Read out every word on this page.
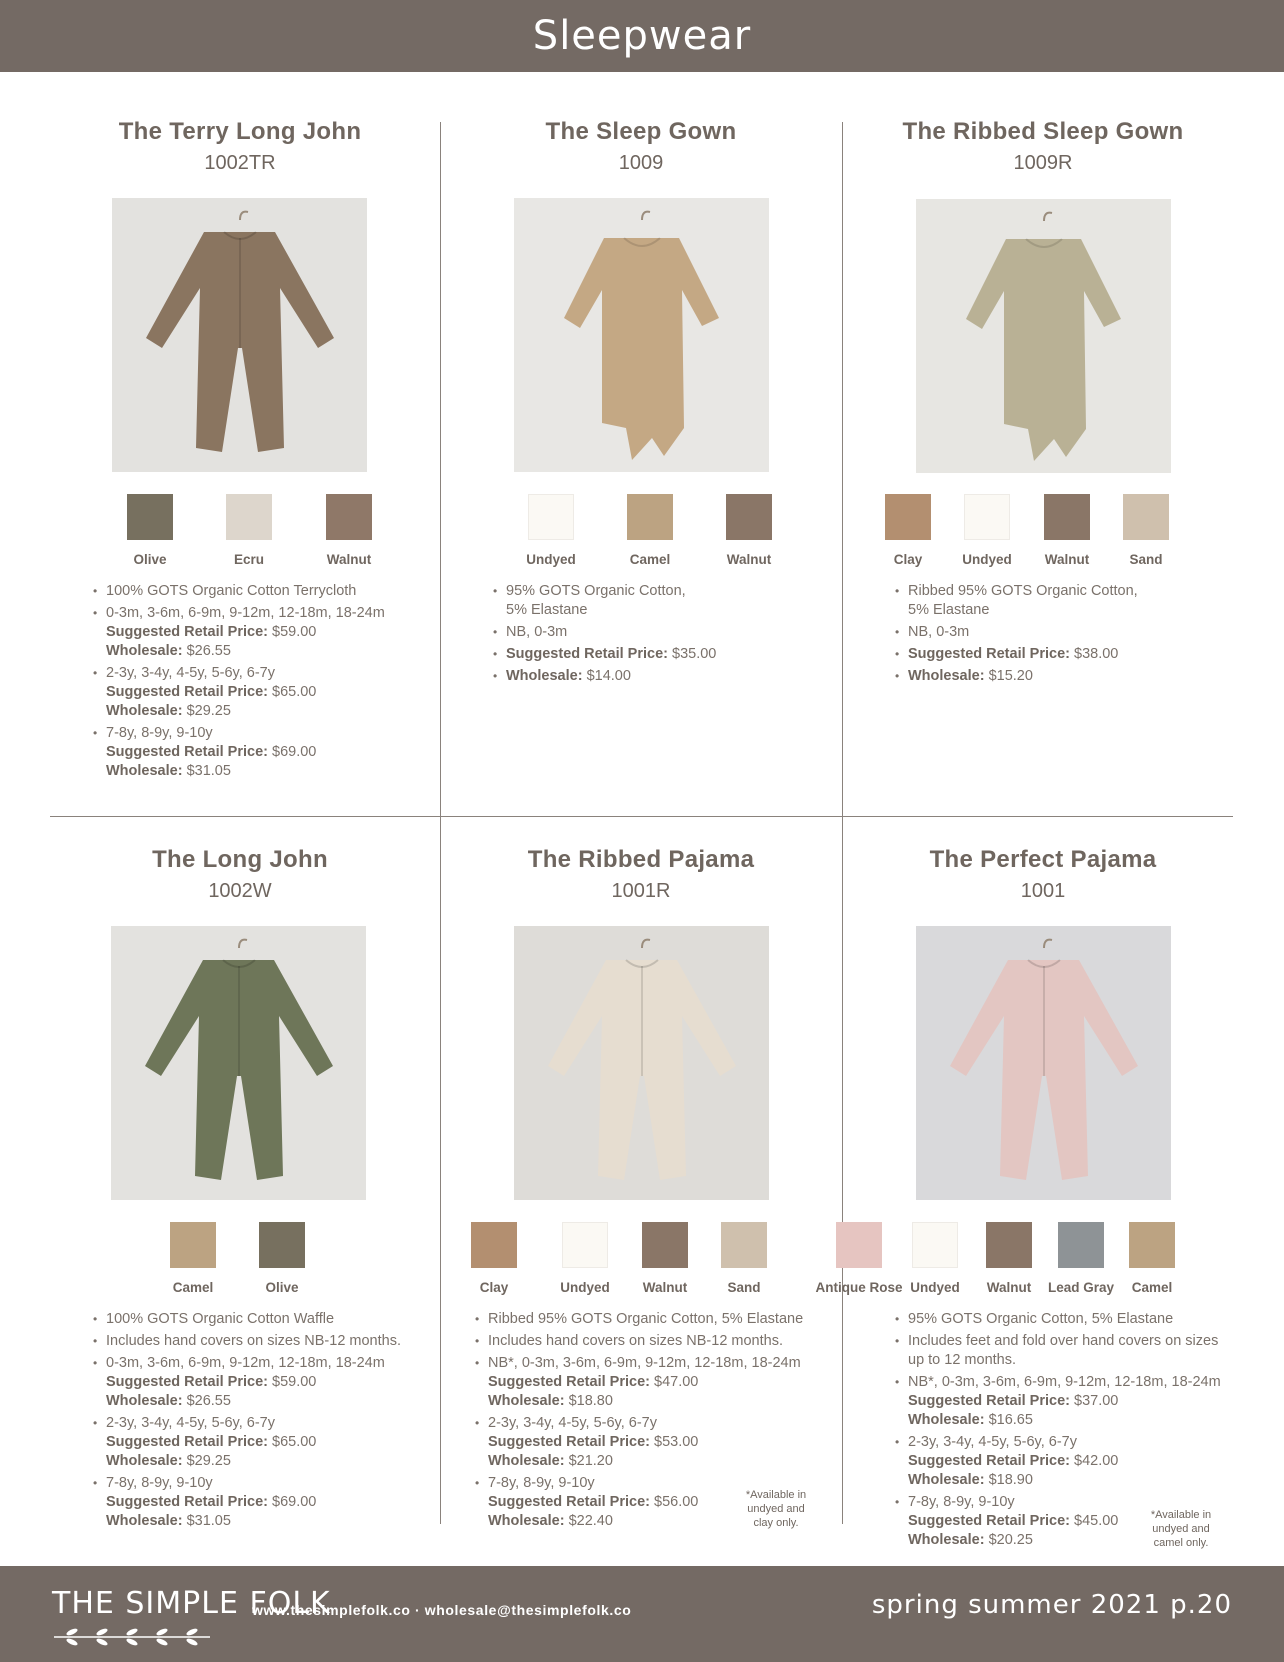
Sleepwear
The Terry Long John
1002TR
Olive	Ecru	Walnut
• 100% GOTS Organic Cotton Terrycloth
• 0-3m, 3-6m, 6-9m, 9-12m, 12-18m, 18-24m
Suggested Retail Price: $59.00
Wholesale: $26.55
• 2-3y, 3-4y, 4-5y, 5-6y, 6-7y
Suggested Retail Price: $65.00
Wholesale: $29.25
• 7-8y, 8-9y, 9-10y
Suggested Retail Price: $69.00
Wholesale: $31.05
The Sleep Gown
1009
Undyed	Camel	Walnut
• 95% GOTS Organic Cotton,
5% Elastane
• NB, 0-3m
• Suggested Retail Price: $35.00
• Wholesale: $14.00
The Ribbed Sleep Gown
1009R
Clay	Undyed	Walnut	Sand
• Ribbed 95% GOTS Organic Cotton,
5% Elastane
• NB, 0-3m
• Suggested Retail Price: $38.00
• Wholesale: $15.20
The Long John
1002W
Camel	Olive
• 100% GOTS Organic Cotton Waffle
• Includes hand covers on sizes NB-12 months.
• 0-3m, 3-6m, 6-9m, 9-12m, 12-18m, 18-24m
Suggested Retail Price: $59.00
Wholesale: $26.55
• 2-3y, 3-4y, 4-5y, 5-6y, 6-7y
Suggested Retail Price: $65.00
Wholesale: $29.25
• 7-8y, 8-9y, 9-10y
Suggested Retail Price: $69.00
Wholesale: $31.05
The Ribbed Pajama
1001R
Clay	Undyed	Walnut	Sand
• Ribbed 95% GOTS Organic Cotton, 5% Elastane
• Includes hand covers on sizes NB-12 months.
• NB*, 0-3m, 3-6m, 6-9m, 9-12m, 12-18m, 18-24m
Suggested Retail Price: $47.00
Wholesale: $18.80
• 2-3y, 3-4y, 4-5y, 5-6y, 6-7y
Suggested Retail Price: $53.00
Wholesale: $21.20
• 7-8y, 8-9y, 9-10y
Suggested Retail Price: $56.00
Wholesale: $22.40
*Available in undyed and clay only.
The Perfect Pajama
1001
Antique Rose Undyed	Walnut	Lead Gray	Camel
• 95% GOTS Organic Cotton, 5% Elastane
• Includes feet and fold over hand covers on sizes
up to 12 months.
• NB*, 0-3m, 3-6m, 6-9m, 9-12m, 12-18m, 18-24m
Suggested Retail Price: $37.00
Wholesale: $16.65
• 2-3y, 3-4y, 4-5y, 5-6y, 6-7y
Suggested Retail Price: $42.00
Wholesale: $18.90
• 7-8y, 8-9y, 9-10y
Suggested Retail Price: $45.00
Wholesale: $20.25
*Available in undyed and camel only.
THE SIMPLE FOLK
www.thesimplefolk.co · wholesale@thesimplefolk.co	spring summer 2021 p.20
